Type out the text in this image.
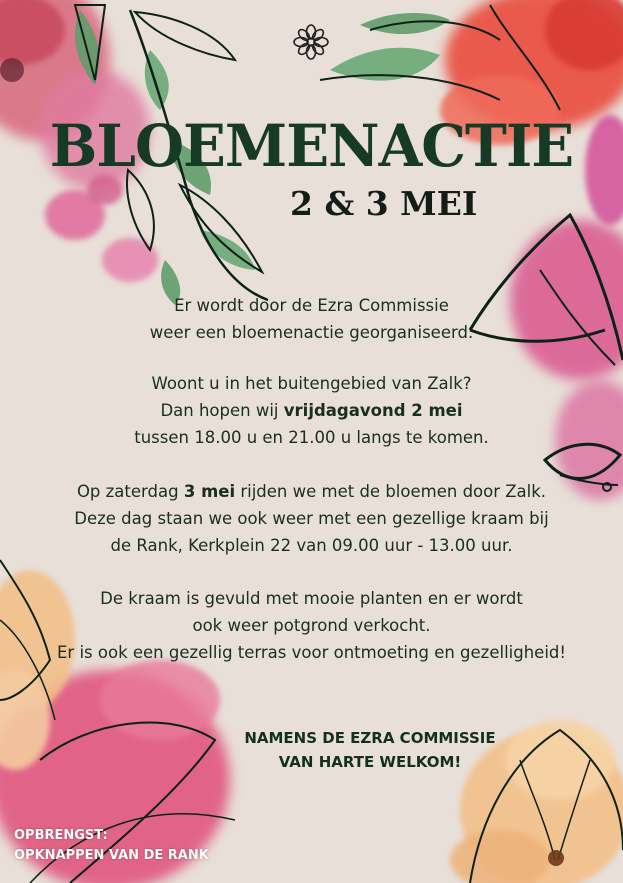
BLOEMENACTIE
2 & 3 MEI
Er wordt door de Ezra Commissie
weer een bloemenactie georganiseerd.
Woont u in het buitengebied van Zalk?
Dan hopen wij vrijdagavond 2 mei
tussen 18.00 u en 21.00 u langs te komen.
Op zaterdag 3 mei rijden we met de bloemen door Zalk.
Deze dag staan we ook weer met een gezellige kraam bij
de Rank, Kerkplein 22 van 09.00 uur - 13.00 uur.
De kraam is gevuld met mooie planten en er wordt
ook weer potgrond verkocht.
Er is ook een gezellig terras voor ontmoeting en gezelligheid!
NAMENS DE EZRA COMMISSIE
VAN HARTE WELKOM!
OPBRENGST:
OPKNAPPEN VAN DE RANK
